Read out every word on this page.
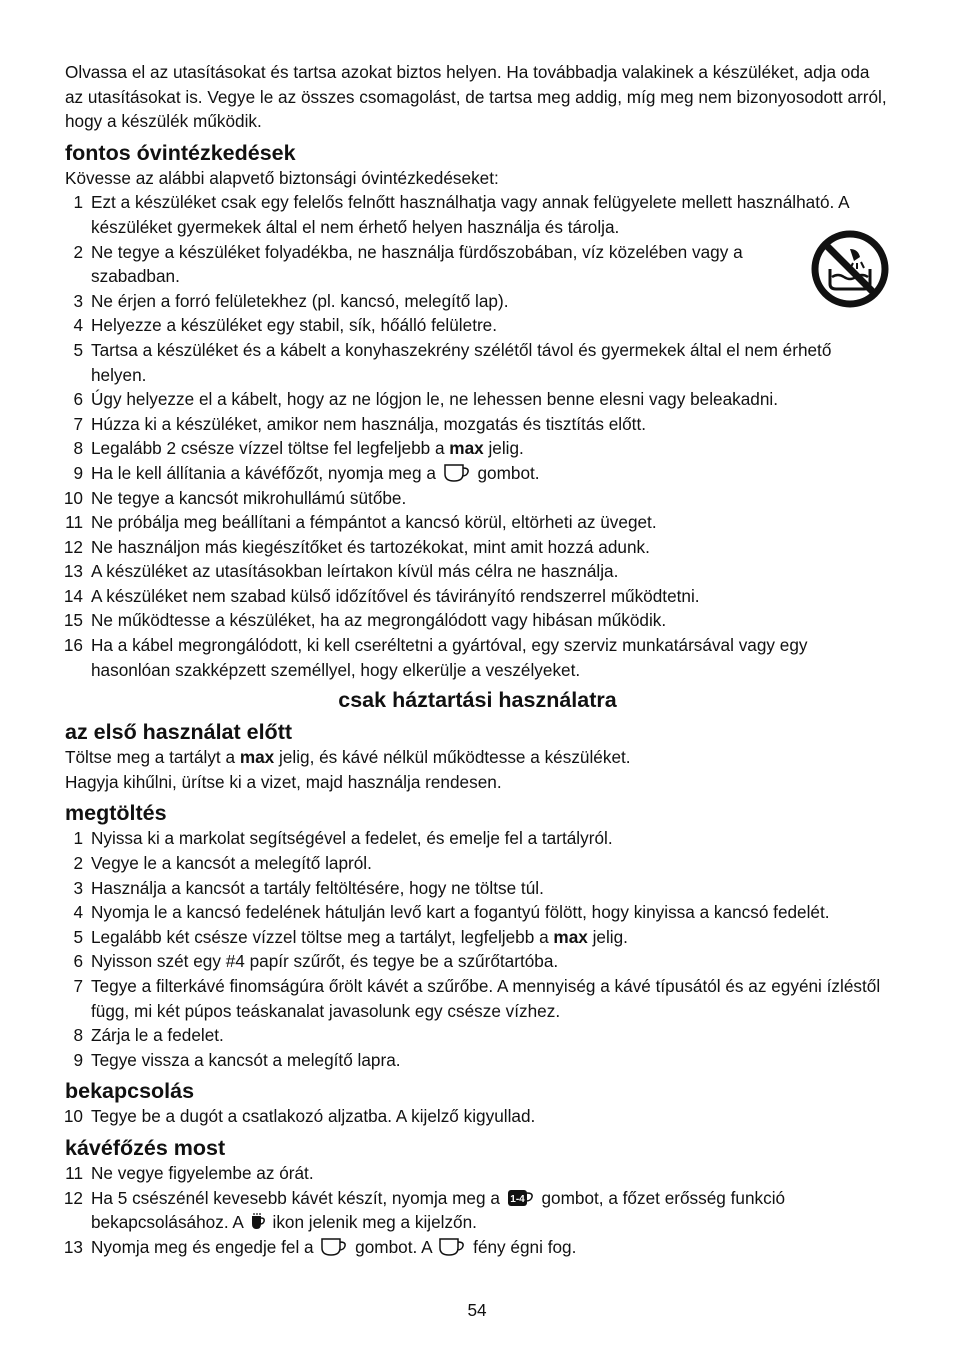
Olvassa el az utasításokat és tartsa azokat biztos helyen. Ha továbbadja valakinek a készüléket, adja oda az utasításokat is. Vegye le az összes csomagolást, de tartsa meg addig, míg meg nem bizonyosodott arról, hogy a készülék működik.

fontos óvintézkedések

Kövesse az alábbi alapvető biztonsági óvintézkedéseket:

1 Ezt a készüléket csak egy felelős felnőtt használhatja vagy annak felügyelete mellett használható. A készüléket gyermekek által el nem érhető helyen használja és tárolja.
2 Ne tegye a készüléket folyadékba, ne használja fürdőszobában, víz közelében vagy a szabadban.
3 Ne érjen a forró felületekhez (pl. kancsó, melegítő lap).
4 Helyezze a készüléket egy stabil, sík, hőálló felületre.
5 Tartsa a készüléket és a kábelt a konyhaszekrény szélétől távol és gyermekek által el nem érhető helyen.
6 Úgy helyezze el a kábelt, hogy az ne lógjon le, ne lehessen benne elesni vagy beleakadni.
7 Húzza ki a készüléket, amikor nem használja, mozgatás és tisztítás előtt.
8 Legalább 2 csésze vízzel töltse fel legfeljebb a max jelig.
9 Ha le kell állítania a kávéfőzőt, nyomja meg a  gombot.
10 Ne tegye a kancsót mikrohullámú sütőbe.
11 Ne próbálja meg beállítani a fémpántot a kancsó körül, eltörheti az üveget.
12 Ne használjon más kiegészítőket és tartozékokat, mint amit hozzá adunk.
13 A készüléket az utasításokban leírtakon kívül más célra ne használja.
14 A készüléket nem szabad külső időzítővel és távirányító rendszerrel működtetni.
15 Ne működtesse a készüléket, ha az megrongálódott vagy hibásan működik.
16 Ha a kábel megrongálódott, ki kell cseréltetni a gyártóval, egy szerviz munkatársával vagy egy hasonlóan szakképzett személlyel, hogy elkerülje a veszélyeket.
csak háztartási használatra
az első használat előtt

Töltse meg a tartályt a max jelig, és kávé nélkül működtesse a készüléket.

Hagyja kihűlni, ürítse ki a vizet, majd használja rendesen.

megtöltés
1 Nyissa ki a markolat segítségével a fedelet, és emelje fel a tartályról.
2 Vegye le a kancsót a melegítő lapról.
3 Használja a kancsót a tartály feltöltésére, hogy ne töltse túl.
4 Nyomja le a kancsó fedelének hátulján levő kart a fogantyú fölött, hogy kinyissa a kancsó fedelét.
5 Legalább két csésze vízzel töltse meg a tartályt, legfeljebb a max jelig.
6 Nyisson szét egy #4 papír szűrőt, és tegye be a szűrőtartóba.
7 Tegye a filterkávé finomságúra őrölt kávét a szűrőbe. A mennyiség a kávé típusától és az egyéni ízléstől függ, mi két púpos teáskanalat javasolunk egy csésze vízhez.
8 Zárja le a fedelet.
9 Tegye vissza a kancsót a melegítő lapra.
bekapcsolás
10 Tegye be a dugót a csatlakozó aljzatba. A kijelző kigyullad.
kávéfőzés most
11 Ne vegye figyelembe az órát.
12 Ha 5 csészénél kevesebb kávét készít, nyomja meg a 1-4 gombot, a főzet erősség funkció bekapcsolásához. A  ikon jelenik meg a kijelzőn.
13 Nyomja meg és engedje fel a  gombot. A  fény égni fog.
54
